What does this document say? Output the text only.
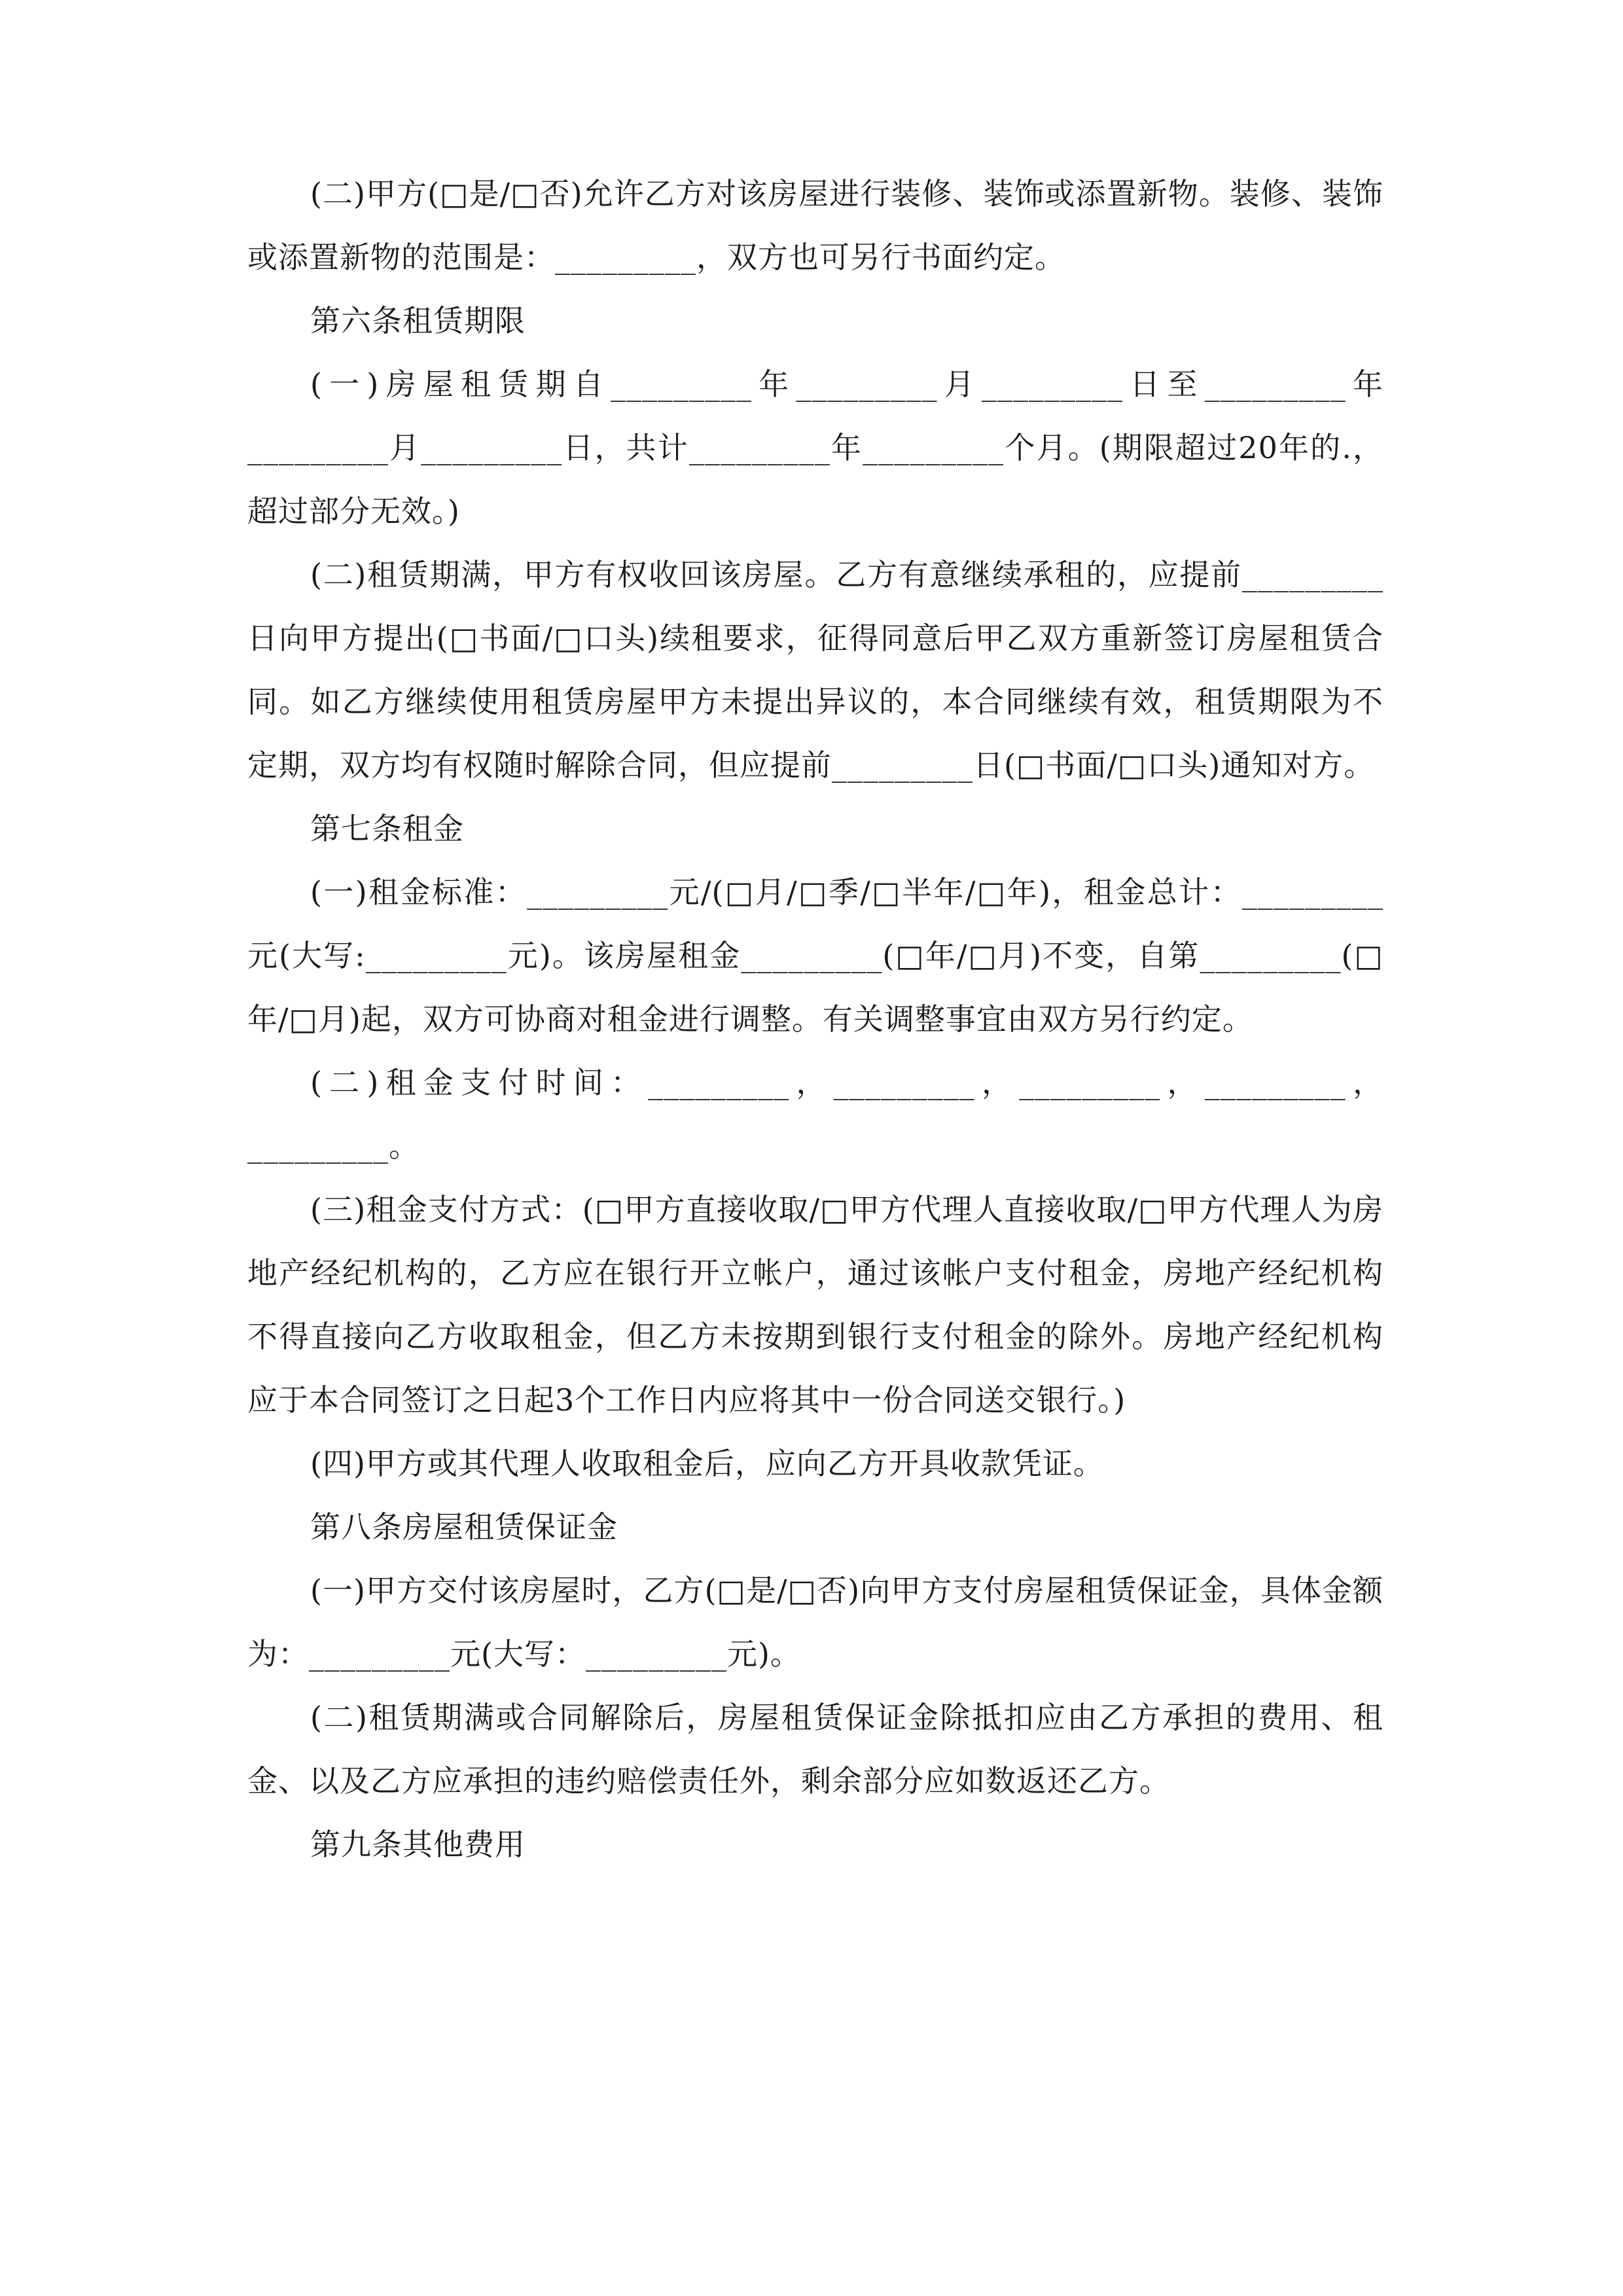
(二)甲方(□是/□否)允许乙方对该房屋进行装修、装饰或添置新物。装修、装饰或添置新物的范围是：_________，双方也可另行书面约定。

第六条租赁期限

(一)房屋租赁期自_________年_________月_________日至_________年_________月_________日，共计_________年_________个月。(期限超过20年的.，超过部分无效。)

(二)租赁期满，甲方有权收回该房屋。乙方有意继续承租的，应提前_________日向甲方提出(□书面/□口头)续租要求，征得同意后甲乙双方重新签订房屋租赁合同。如乙方继续使用租赁房屋甲方未提出异议的，本合同继续有效，租赁期限为不定期，双方均有权随时解除合同，但应提前_________日(□书面/□口头)通知对方。

第七条租金

(一)租金标准：_________元/(□月/□季/□半年/□年)，租金总计：_________元(大写:_________元)。该房屋租金_________(□年/□月)不变，自第_________(□年/□月)起，双方可协商对租金进行调整。有关调整事宜由双方另行约定。

(二)租金支付时间：_________，_________，_________，_________，_________。

(三)租金支付方式：(□甲方直接收取/□甲方代理人直接收取/□甲方代理人为房地产经纪机构的，乙方应在银行开立帐户，通过该帐户支付租金，房地产经纪机构不得直接向乙方收取租金，但乙方未按期到银行支付租金的除外。房地产经纪机构应于本合同签订之日起3个工作日内应将其中一份合同送交银行。)

(四)甲方或其代理人收取租金后，应向乙方开具收款凭证。

第八条房屋租赁保证金

(一)甲方交付该房屋时，乙方(□是/□否)向甲方支付房屋租赁保证金，具体金额为：_________元(大写：_________元)。

(二)租赁期满或合同解除后，房屋租赁保证金除抵扣应由乙方承担的费用、租金、以及乙方应承担的违约赔偿责任外，剩余部分应如数返还乙方。

第九条其他费用
